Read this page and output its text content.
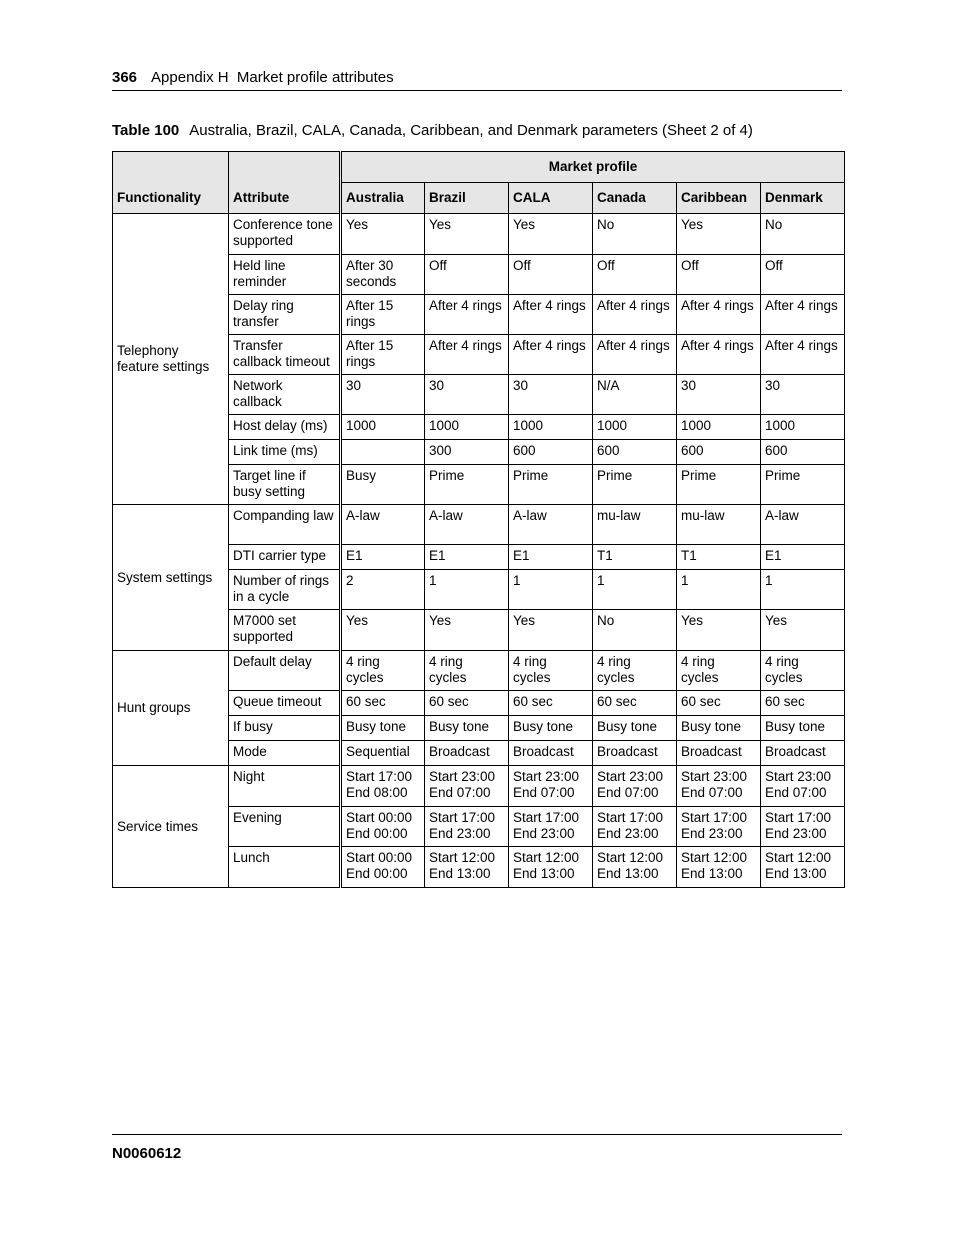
366 Appendix H  Market profile attributes
Table 100 Australia, Brazil, CALA, Canada, Caribbean, and Denmark parameters (Sheet 2 of 4)
Functionality	Attribute	Market profile					
		Australia	Brazil	CALA	Canada	Caribbean	Denmark
Telephony feature settings	Conference tone supported	Yes	Yes	Yes	No	Yes	No
	Held line reminder	After 30 seconds	Off	Off	Off	Off	Off
	Delay ring transfer	After 15 rings	After 4 rings	After 4 rings	After 4 rings	After 4 rings	After 4 rings
	Transfer callback timeout	After 15 rings	After 4 rings	After 4 rings	After 4 rings	After 4 rings	After 4 rings
	Network callback	30	30	30	N/A	30	30
	Host delay (ms)	1000	1000	1000	1000	1000	1000
	Link time (ms)		300	600	600	600	600
	Target line if busy setting	Busy	Prime	Prime	Prime	Prime	Prime
System settings	Companding law	A-law	A-law	A-law	mu-law	mu-law	A-law
	DTI carrier type	E1	E1	E1	T1	T1	E1
	Number of rings in a cycle	2	1	1	1	1	1
	M7000 set supported	Yes	Yes	Yes	No	Yes	Yes
Hunt groups	Default delay	4 ring cycles	4 ring cycles	4 ring cycles	4 ring cycles	4 ring cycles	4 ring cycles
	Queue timeout	60 sec	60 sec	60 sec	60 sec	60 sec	60 sec
	If busy	Busy tone	Busy tone	Busy tone	Busy tone	Busy tone	Busy tone
	Mode	Sequential	Broadcast	Broadcast	Broadcast	Broadcast	Broadcast
Service times	Night	Start 17:00 End 08:00	Start 23:00 End 07:00	Start 23:00 End 07:00	Start 23:00 End 07:00	Start 23:00 End 07:00	Start 23:00 End 07:00
	Evening	Start 00:00 End 00:00	Start 17:00 End 23:00	Start 17:00 End 23:00	Start 17:00 End 23:00	Start 17:00 End 23:00	Start 17:00 End 23:00
	Lunch	Start 00:00 End 00:00	Start 12:00 End 13:00	Start 12:00 End 13:00	Start 12:00 End 13:00	Start 12:00 End 13:00	Start 12:00 End 13:00
N0060612
